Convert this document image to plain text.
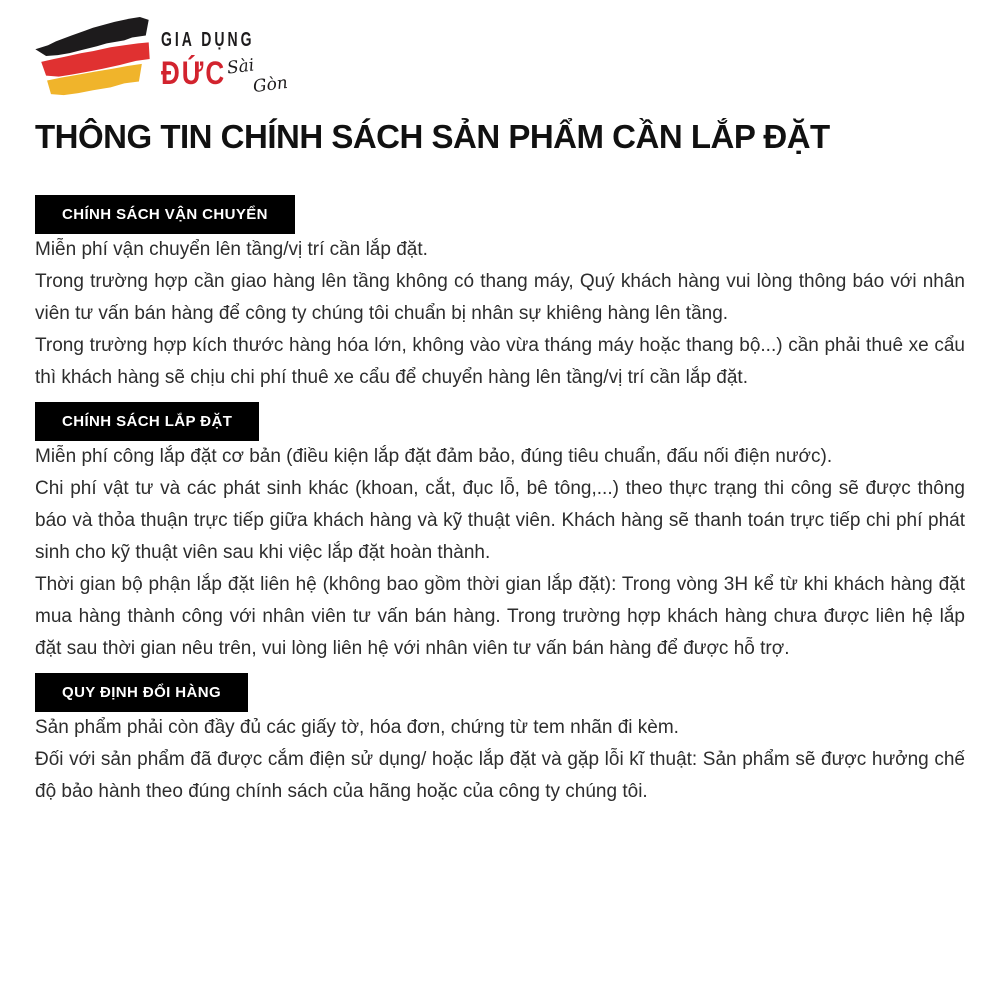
GIA DỤNG
ĐỨC Sài
Gòn
THÔNG TIN CHÍNH SÁCH SẢN PHẨM CẦN LẮP ĐẶT
CHÍNH SÁCH VẬN CHUYỂN

Miễn phí vận chuyển lên tầng/vị trí cần lắp đặt.

Trong trường hợp cần giao hàng lên tầng không có thang máy, Quý khách hàng vui lòng thông báo với nhân viên tư vấn bán hàng để công ty chúng tôi chuẩn bị nhân sự khiêng hàng lên tầng.

Trong trường hợp kích thước hàng hóa lớn, không vào vừa tháng máy hoặc thang bộ...) cần phải thuê xe cẩu thì khách hàng sẽ chịu chi phí thuê xe cẩu để chuyển hàng lên tầng/vị trí cần lắp đặt.

CHÍNH SÁCH LẮP ĐẶT

Miễn phí công lắp đặt cơ bản (điều kiện lắp đặt đảm bảo, đúng tiêu chuẩn, đấu nối điện nước).

Chi phí vật tư và các phát sinh khác (khoan, cắt, đục lỗ, bê tông,...) theo thực trạng thi công sẽ được thông báo và thỏa thuận trực tiếp giữa khách hàng và kỹ thuật viên. Khách hàng sẽ thanh toán trực tiếp chi phí phát sinh cho kỹ thuật viên sau khi việc lắp đặt hoàn thành.

Thời gian bộ phận lắp đặt liên hệ (không bao gồm thời gian lắp đặt): Trong vòng 3H kể từ khi khách hàng đặt mua hàng thành công với nhân viên tư vấn bán hàng. Trong trường hợp khách hàng chưa được liên hệ lắp đặt sau thời gian nêu trên, vui lòng liên hệ với nhân viên tư vấn bán hàng để được hỗ trợ.

QUY ĐỊNH ĐỔI HÀNG

Sản phẩm phải còn đầy đủ các giấy tờ, hóa đơn, chứng từ tem nhãn đi kèm.

Đối với sản phẩm đã được cắm điện sử dụng/ hoặc lắp đặt và gặp lỗi kĩ thuật: Sản phẩm sẽ được hưởng chế độ bảo hành theo đúng chính sách của hãng hoặc của công ty chúng tôi.
